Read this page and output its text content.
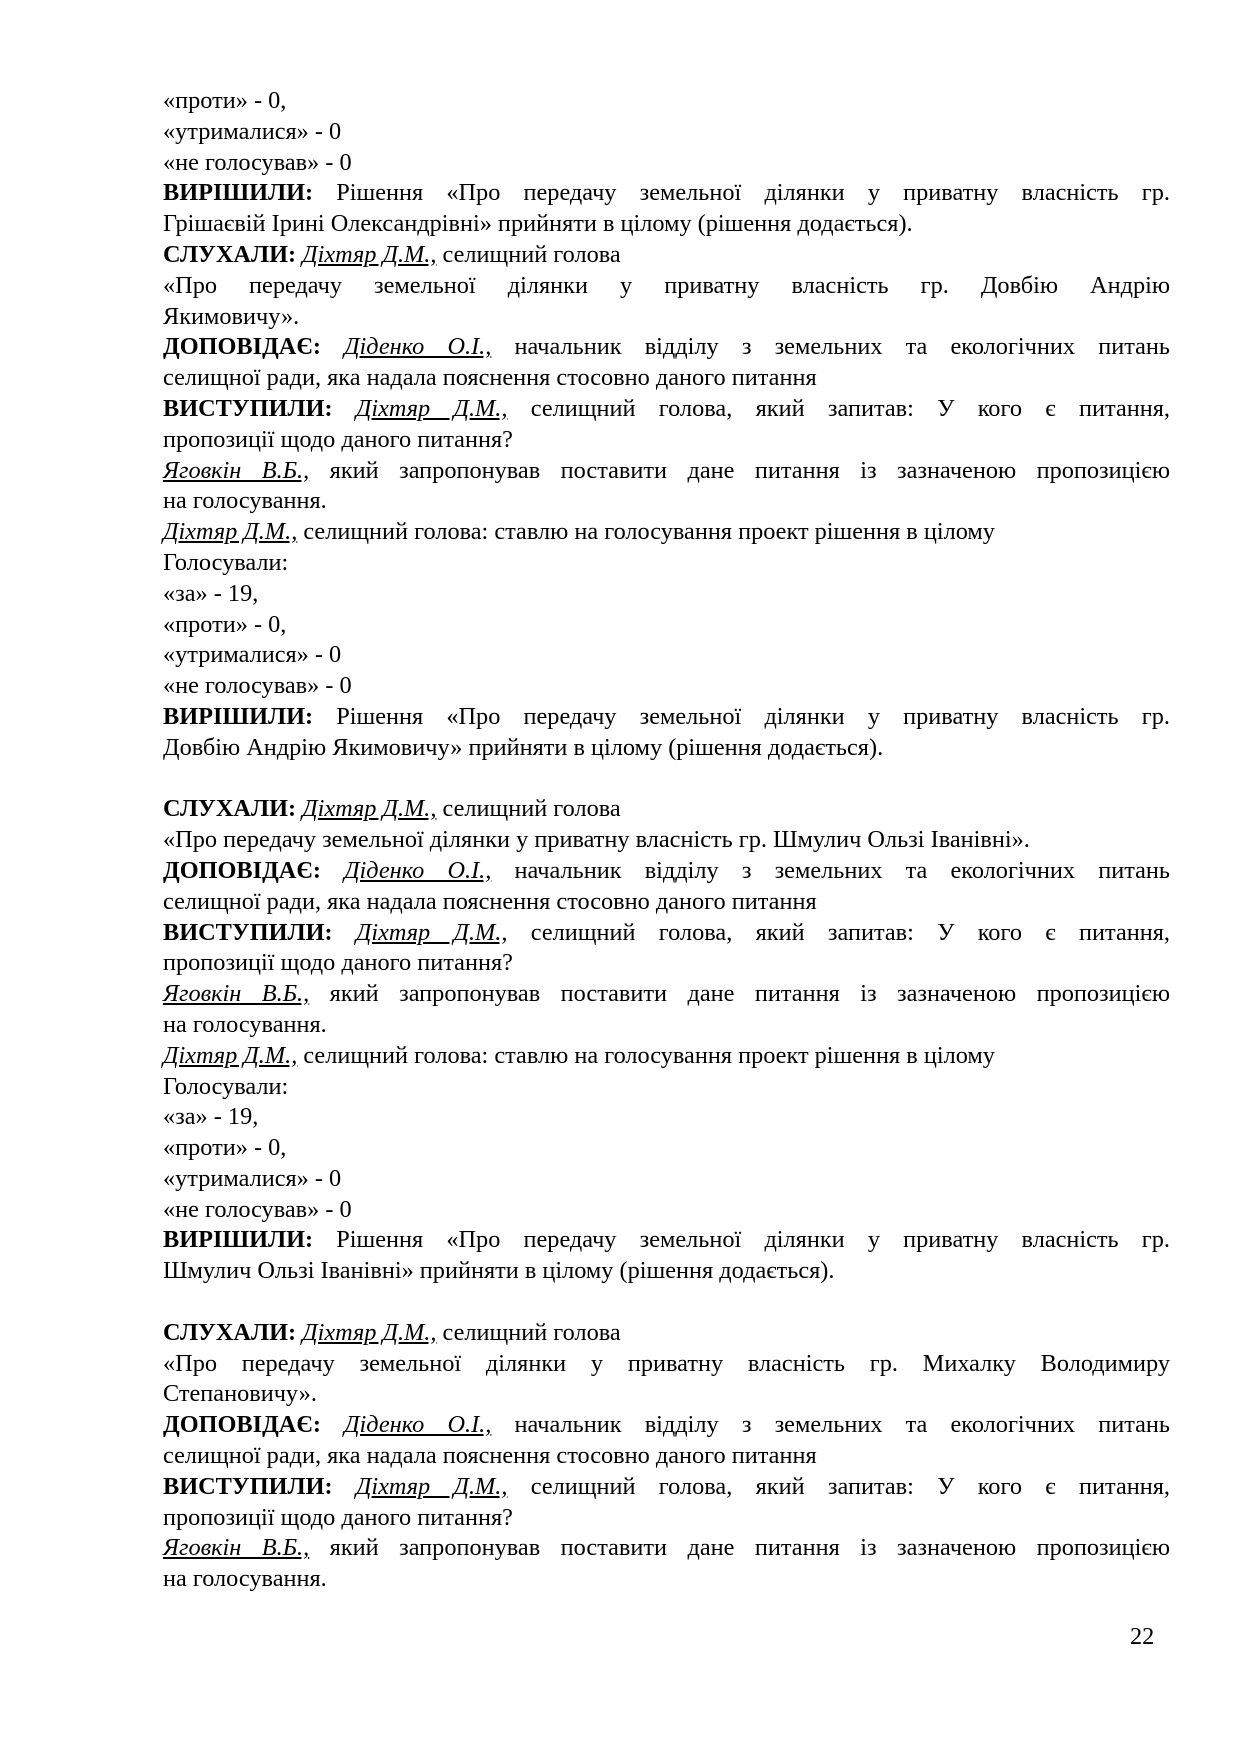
«проти» - 0,
«утрималися» - 0
«не голосував» - 0
ВИРІШИЛИ: Рішення «Про передачу земельної ділянки у приватну власність гр.
Грішаєвій Ірині Олександрівні» прийняти в цілому (рішення додається).
СЛУХАЛИ: Діхтяр Д.М., селищний голова
«Про передачу земельної ділянки у приватну власність гр. Довбію Андрію
Якимовичу».
ДОПОВІДАЄ: Діденко О.І., начальник відділу з земельних та екологічних питань
селищної ради, яка надала пояснення стосовно даного питання
ВИСТУПИЛИ: Діхтяр Д.М., селищний голова, який запитав: У кого є питання,
пропозиції щодо даного питання?
Яговкін В.Б., який запропонував поставити дане питання із зазначеною пропозицією
на голосування.
Діхтяр Д.М., селищний голова: ставлю на голосування проект рішення в цілому
Голосували:
«за» - 19,
«проти» - 0,
«утрималися» - 0
«не голосував» - 0
ВИРІШИЛИ: Рішення «Про передачу земельної ділянки у приватну власність гр.
Довбію Андрію Якимовичу» прийняти в цілому (рішення додається).
СЛУХАЛИ: Діхтяр Д.М., селищний голова
«Про передачу земельної ділянки у приватну власність гр. Шмулич Ользі Іванівні».
ДОПОВІДАЄ: Діденко О.І., начальник відділу з земельних та екологічних питань
селищної ради, яка надала пояснення стосовно даного питання
ВИСТУПИЛИ: Діхтяр Д.М., селищний голова, який запитав: У кого є питання,
пропозиції щодо даного питання?
Яговкін В.Б., який запропонував поставити дане питання із зазначеною пропозицією
на голосування.
Діхтяр Д.М., селищний голова: ставлю на голосування проект рішення в цілому
Голосували:
«за» - 19,
«проти» - 0,
«утрималися» - 0
«не голосував» - 0
ВИРІШИЛИ: Рішення «Про передачу земельної ділянки у приватну власність гр.
Шмулич Ользі Іванівні» прийняти в цілому (рішення додається).
СЛУХАЛИ: Діхтяр Д.М., селищний голова
«Про передачу земельної ділянки у приватну власність гр. Михалку Володимиру
Степановичу».
ДОПОВІДАЄ: Діденко О.І., начальник відділу з земельних та екологічних питань
селищної ради, яка надала пояснення стосовно даного питання
ВИСТУПИЛИ: Діхтяр Д.М., селищний голова, який запитав: У кого є питання,
пропозиції щодо даного питання?
Яговкін В.Б., який запропонував поставити дане питання із зазначеною пропозицією
на голосування.
22
